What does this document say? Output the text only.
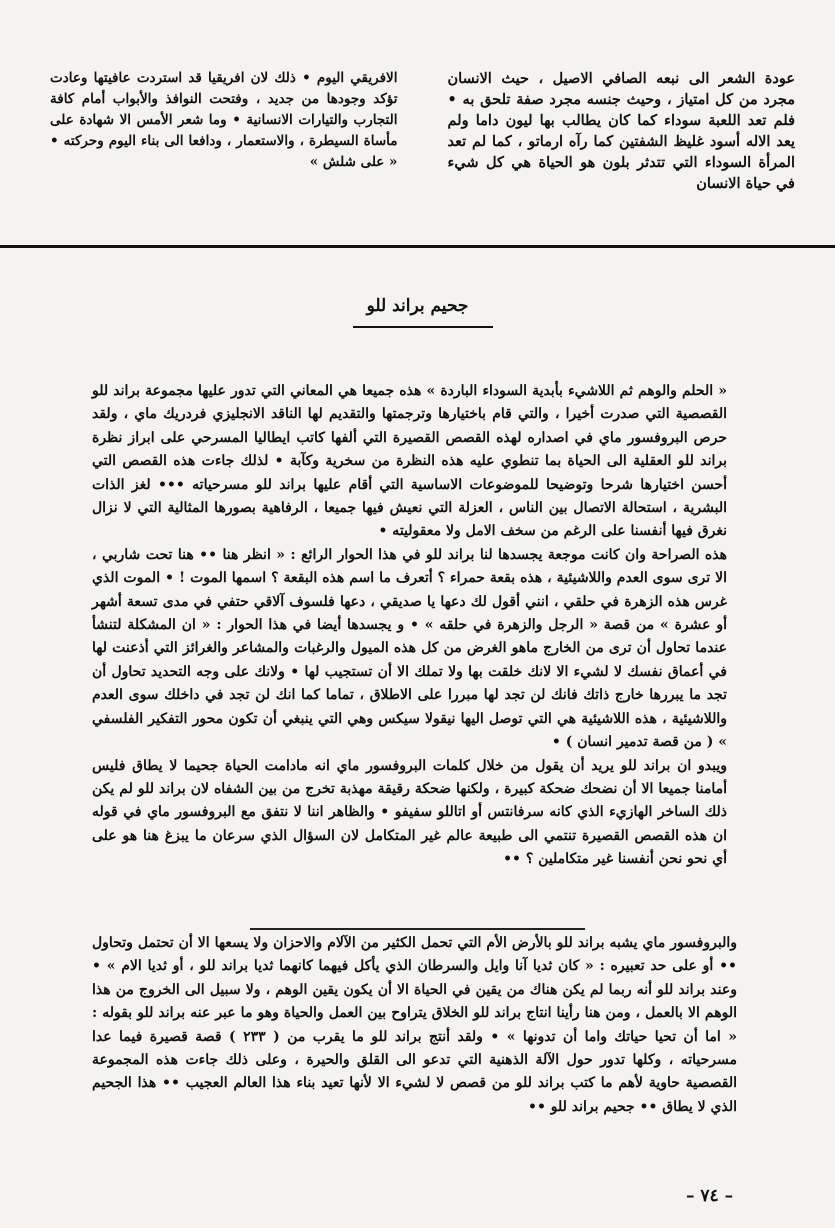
عودة الشعر الى نبعه الصافي الاصيل ، حيث الانسان مجرد من كل امتياز ، وحيث جنسه مجرد صفة تلحق به • فلم تعد اللعبة سوداء كما كان يطالب بها ليون داما ولم يعد الاله أسود غليظ الشفتين كما رآه ارماتو ، كما لم تعد المرأة السوداء التي تتدثر بلون هو الحياة هي كل شيء في حياة الانسان

الافريقي اليوم • ذلك لان افريقيا قد استردت عافيتها وعادت تؤكد وجودها من جديد ، وفتحت النوافذ والأبواب أمام كافة التجارب والتيارات الانسانية • وما شعر الأمس الا شهادة على مأساة السيطرة ، والاستعمار ، ودافعا الى بناء اليوم وحركته • « على شلش »

جحيم براند للو

« الحلم والوهم ثم اللاشيء بأبدية السوداء الباردة » هذه جميعا هي المعاني التي تدور عليها مجموعة براند للو القصصية التي صدرت أخيرا ، والتي قام باختيارها وترجمتها والتقديم لها الناقد الانجليزي فردريك ماي ، ولقد حرص البروفسور ماي في اصداره لهذه القصص القصيرة التي ألفها كاتب ايطاليا المسرحي على ابراز نظرة براند للو العقلية الى الحياة بما تنطوي عليه هذه النظرة من سخرية وكآبة • لذلك جاءت هذه القصص التي أحسن اختيارها شرحا وتوضيحا للموضوعات الاساسية التي أقام عليها براند للو مسرحياته ••• لغز الذات البشرية ، استحالة الاتصال بين الناس ، العزلة التي نعيش فيها جميعا ، الرفاهية بصورها المثالية التي لا نزال نغرق فيها أنفسنا على الرغم من سخف الامل ولا معقوليته •

هذه الصراحة وان كانت موجعة يجسدها لنا براند للو في هذا الحوار الرائع : « انظر هنا •• هنا تحت شاربي ، الا ترى سوى العدم واللاشيئية ، هذه بقعة حمراء ؟ أتعرف ما اسم هذه البقعة ؟ اسمها الموت ! • الموت الذي غرس هذه الزهرة في حلقي ، انني أقول لك دعها يا صديقي ، دعها فلسوف آلاقي حتفي في مدى تسعة أشهر أو عشرة » من قصة « الرجل والزهرة في حلقه » • و يجسدها أيضا في هذا الحوار : « ان المشكلة لتنشأ عندما تحاول أن ترى من الخارج ماهو الغرض من كل هذه الميول والرغبات والمشاعر والغرائز التي أذعنت لها في أعماق نفسك لا لشيء الا لانك خلقت بها ولا تملك الا أن تستجيب لها • ولانك على وجه التحديد تحاول أن تجد ما يبررها خارج ذاتك فانك لن تجد لها مبررا على الاطلاق ، تماما كما انك لن تجد في داخلك سوى العدم واللاشيئية ، هذه اللاشيئية هي التي توصل اليها نيقولا سيكس وهي التي ينبغي أن تكون محور التفكير الفلسفي » ( من قصة تدمير انسان ) •

ويبدو ان براند للو يريد أن يقول من خلال كلمات البروفسور ماي انه مادامت الحياة جحيما لا يطاق فليس أمامنا جميعا الا أن نضحك ضحكة كبيرة ، ولكنها ضحكة رقيقة مهذبة تخرج من بين الشفاه لان براند للو لم يكن ذلك الساخر الهازيء الذي كانه سرفانتس أو اتاللو سفيفو • والظاهر اننا لا نتفق مع البروفسور ماي في قوله ان هذه القصص القصيرة تنتمي الى طبيعة عالم غير المتكامل لان السؤال الذي سرعان ما يبزغ هنا هو على أي نحو نحن أنفسنا غير متكاملين ؟ ••

والبروفسور ماي يشبه براند للو بالأرض الأم التي تحمل الكثير من الآلام والاحزان ولا يسعها الا أن تحتمل وتحاول •• أو على حد تعبيره : « كان ثديا آنا وايل والسرطان الذي يأكل فيهما كانهما ثديا براند للو ، أو ثديا الام » • وعند براند للو أنه ربما لم يكن هناك من يقين في الحياة الا أن يكون يقين الوهم ، ولا سبيل الى الخروج من هذا الوهم الا بالعمل ، ومن هنا رأينا انتاج براند للو الخلاق يتراوح بين العمل والحياة وهو ما عبر عنه براند للو بقوله : « اما أن تحيا حياتك واما أن تدونها » • ولقد أنتج براند للو ما يقرب من ( ٢٣٣ ) قصة قصيرة فيما عدا مسرحياته ، وكلها تدور حول الآلة الذهنية التي تدعو الى القلق والحيرة ، وعلى ذلك جاءت هذه المجموعة القصصية حاوية لأهم ما كتب براند للو من قصص لا لشيء الا لأنها تعيد بناء هذا العالم العجيب •• هذا الجحيم الذي لا يطاق •• جحيم براند للو ••

– ٧٤ –
